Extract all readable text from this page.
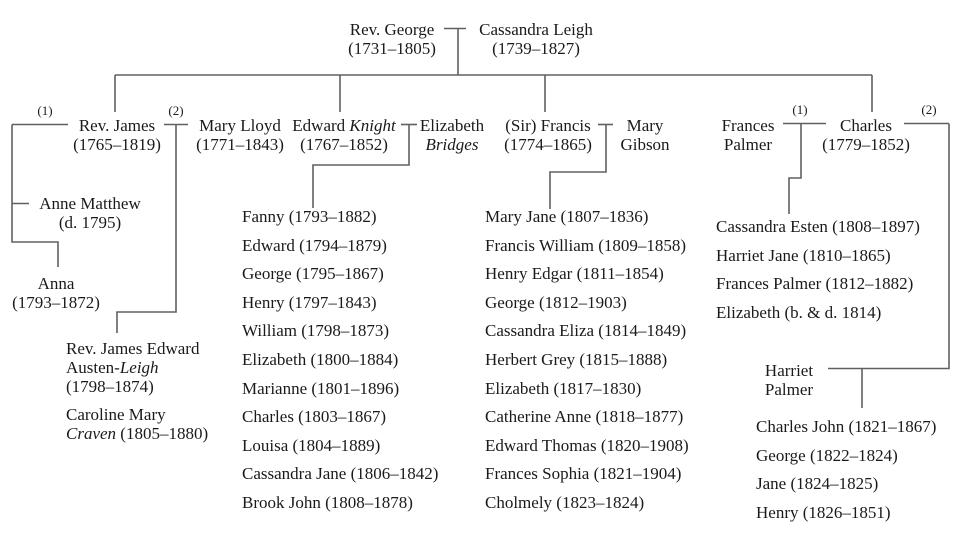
Rev. George
(1731–1805)
Cassandra Leigh
(1739–1827)
(1)
Rev. James
(1765–1819)
(2)
Mary Lloyd
(1771–1843)
Edward Knight
(1767–1852)
Elizabeth
Bridges
(Sir) Francis
(1774–1865)
Mary
Gibson
Frances
Palmer
(1)
Charles
(1779–1852)
(2)
Anne Matthew
(d. 1795)
Anna
(1793–1872)
Rev. James Edward
Austen-Leigh
(1798–1874)
Caroline Mary
Craven (1805–1880)
Fanny (1793–1882)
Edward (1794–1879)
George (1795–1867)
Henry (1797–1843)
William (1798–1873)
Elizabeth (1800–1884)
Marianne (1801–1896)
Charles (1803–1867)
Louisa (1804–1889)
Cassandra Jane (1806–1842)
Brook John (1808–1878)
Mary Jane (1807–1836)
Francis William (1809–1858)
Henry Edgar (1811–1854)
George (1812–1903)
Cassandra Eliza (1814–1849)
Herbert Grey (1815–1888)
Elizabeth (1817–1830)
Catherine Anne (1818–1877)
Edward Thomas (1820–1908)
Frances Sophia (1821–1904)
Cholmely (1823–1824)
Cassandra Esten (1808–1897)
Harriet Jane (1810–1865)
Frances Palmer (1812–1882)
Elizabeth (b. & d. 1814)
Harriet
Palmer
Charles John (1821–1867)
George (1822–1824)
Jane (1824–1825)
Henry (1826–1851)
